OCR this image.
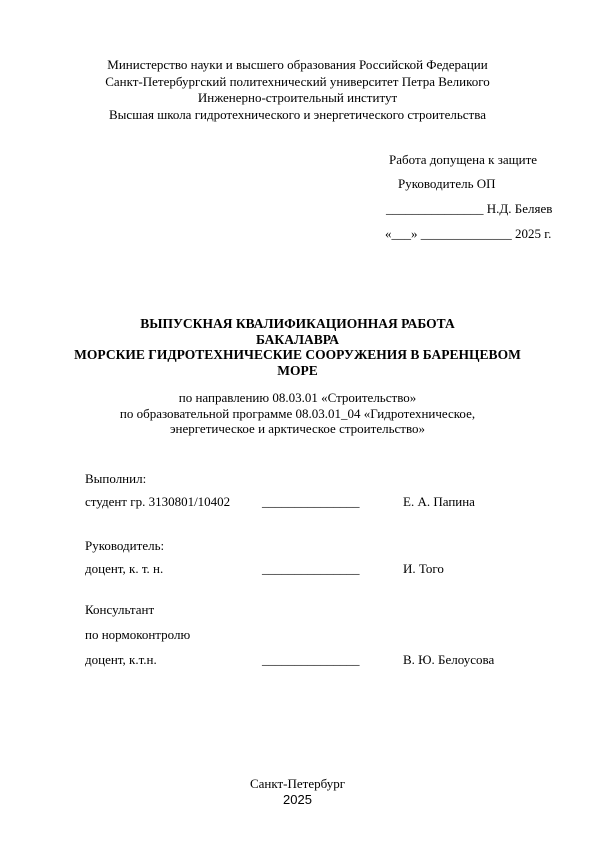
Министерство науки и высшего образования Российской Федерации
Санкт-Петербургский политехнический университет Петра Великого
Инженерно-строительный институт
Высшая школа гидротехнического и энергетического строительства
Работа допущена к защите
Руководитель ОП
_______________ Н.Д. Беляев
«___» ______________ 2025 г.
ВЫПУСКНАЯ КВАЛИФИКАЦИОННАЯ РАБОТА
БАКАЛАВРА
МОРСКИЕ ГИДРОТЕХНИЧЕСКИЕ СООРУЖЕНИЯ В БАРЕНЦЕВОМ
МОРЕ
по направлению 08.03.01 «Строительство»
по образовательной программе 08.03.01_04 «Гидротехническое,
энергетическое и арктическое строительство»
Выполнил:
студент гр. 3130801/10402 _______________	Е. А. Папина
Руководитель:
доцент, к. т. н.	_______________	И. Того
Консультант
по нормоконтролю
доцент, к.т.н.	_______________	В. Ю. Белоусова
Санкт-Петербург
2025
